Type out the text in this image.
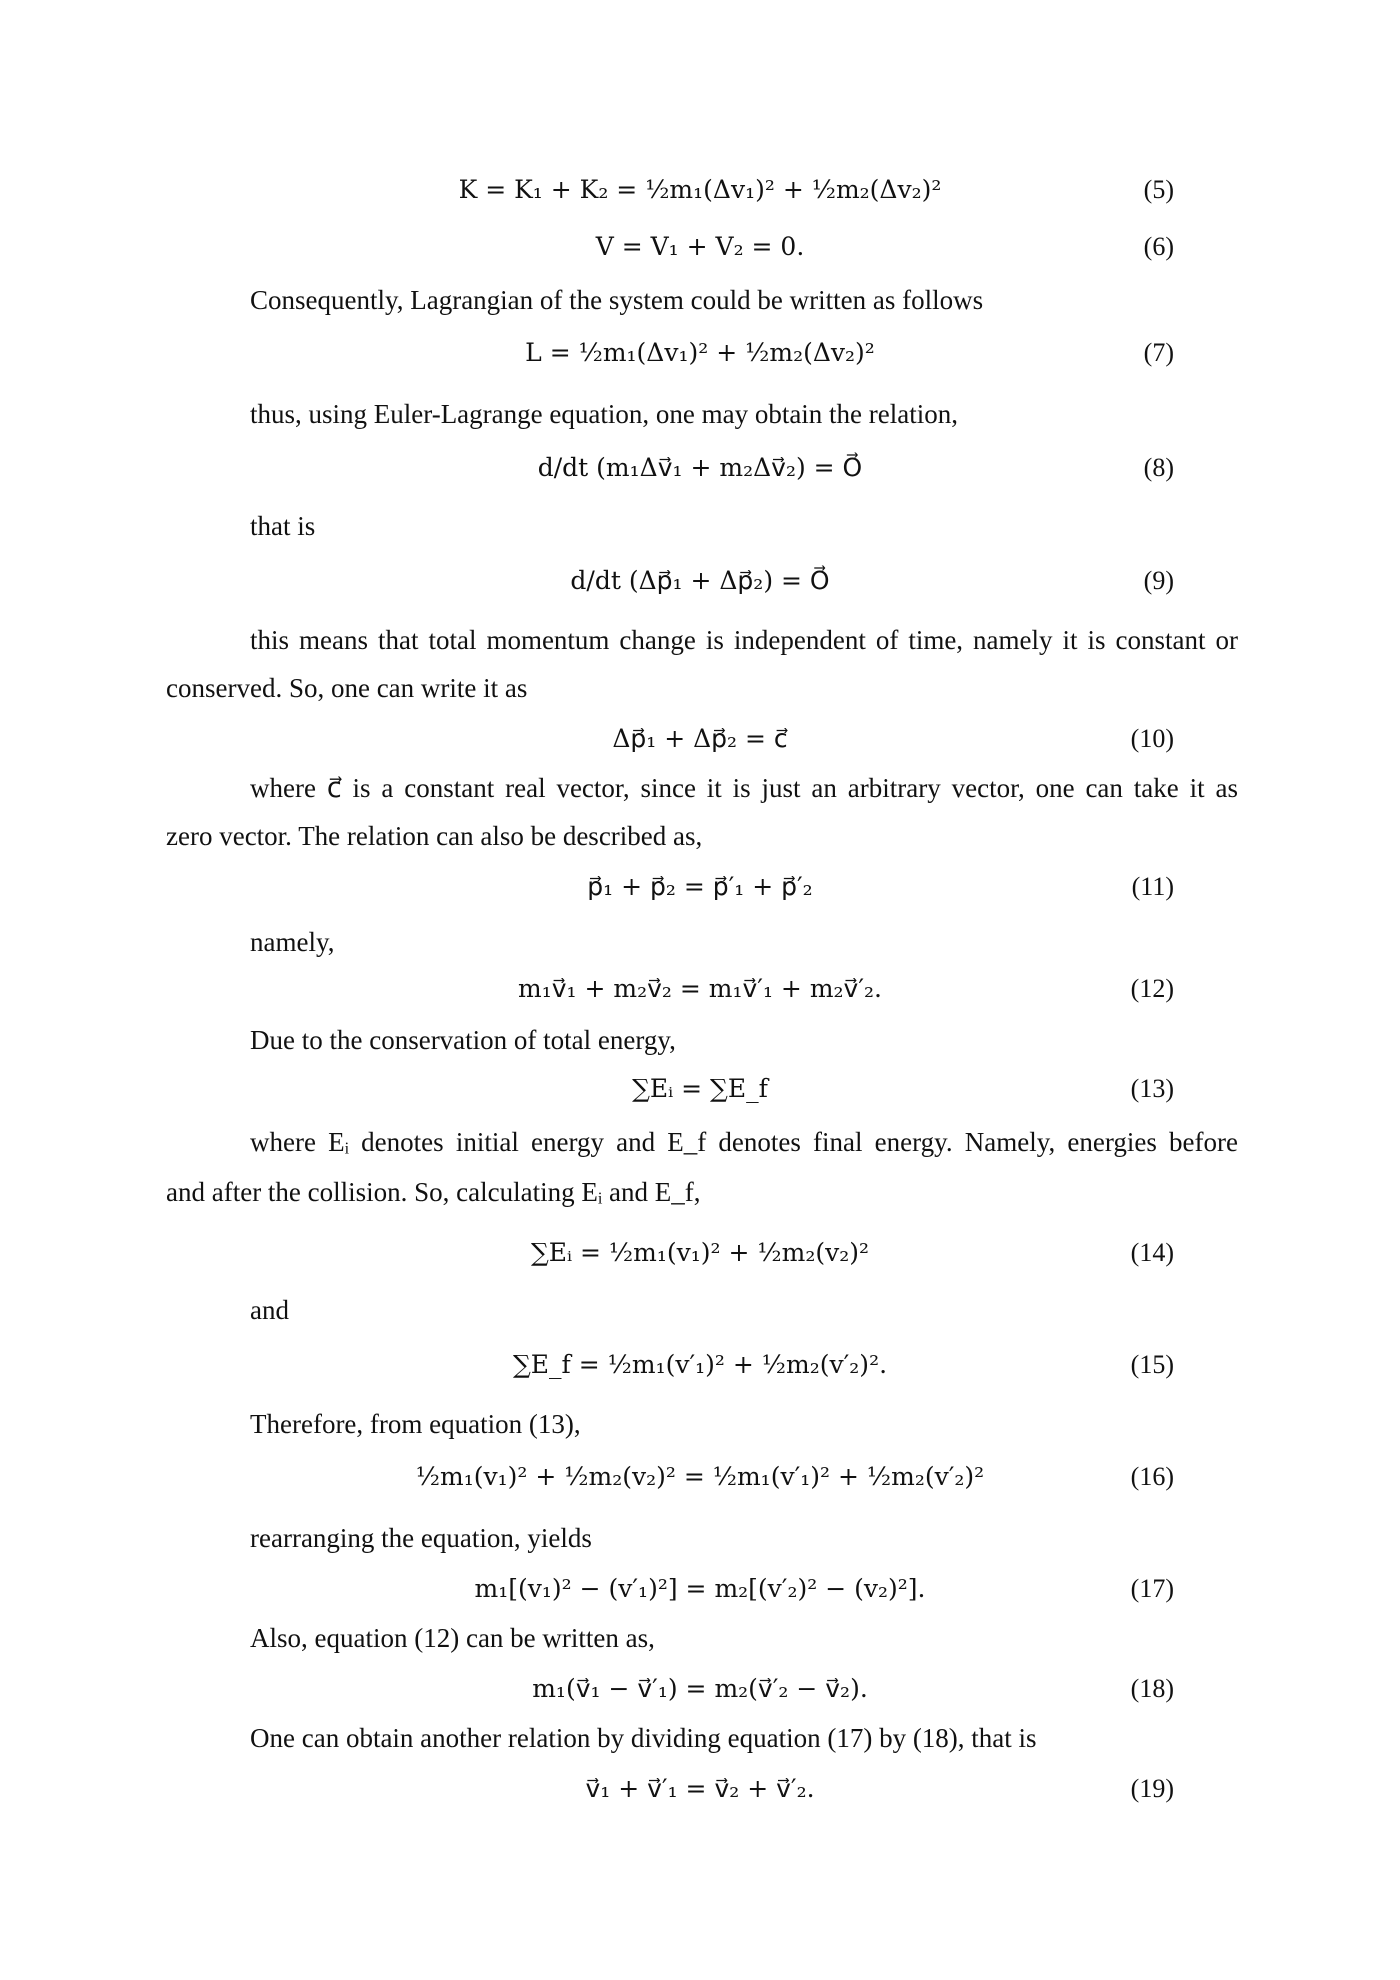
K = K₁ + K₂ = ½m₁(Δv₁)² + ½m₂(Δv₂)²	(5)
V = V₁ + V₂ = 0.	(6)
Consequently, Lagrangian of the system could be written as follows
L = ½m₁(Δv₁)² + ½m₂(Δv₂)²	(7)
thus, using Euler-Lagrange equation, one may obtain the relation,
d/dt (m₁Δv⃗₁ + m₂Δv⃗₂) = O⃗	(8)
that is
d/dt (Δp⃗₁ + Δp⃗₂) = O⃗	(9)
this means that total momentum change is independent of time, namely it is constant or
conserved. So, one can write it as
Δp⃗₁ + Δp⃗₂ = c⃗	(10)
where c⃗ is a constant real vector, since it is just an arbitrary vector, one can take it as
zero vector. The relation can also be described as,
p⃗₁ + p⃗₂ = p⃗′₁ + p⃗′₂	(11)
namely,
m₁v⃗₁ + m₂v⃗₂ = m₁v⃗′₁ + m₂v⃗′₂.	(12)
Due to the conservation of total energy,
∑Eᵢ = ∑E_f	(13)
where Eᵢ denotes initial energy and E_f denotes final energy. Namely, energies before
and after the collision. So, calculating Eᵢ and E_f,
∑Eᵢ = ½m₁(v₁)² + ½m₂(v₂)²	(14)
and
∑E_f = ½m₁(v′₁)² + ½m₂(v′₂)².	(15)
Therefore, from equation (13),
½m₁(v₁)² + ½m₂(v₂)² = ½m₁(v′₁)² + ½m₂(v′₂)²	(16)
rearranging the equation, yields
m₁[(v₁)² − (v′₁)²] = m₂[(v′₂)² − (v₂)²].	(17)
Also, equation (12) can be written as,
m₁(v⃗₁ − v⃗′₁) = m₂(v⃗′₂ − v⃗₂).	(18)
One can obtain another relation by dividing equation (17) by (18), that is
v⃗₁ + v⃗′₁ = v⃗₂ + v⃗′₂.	(19)
